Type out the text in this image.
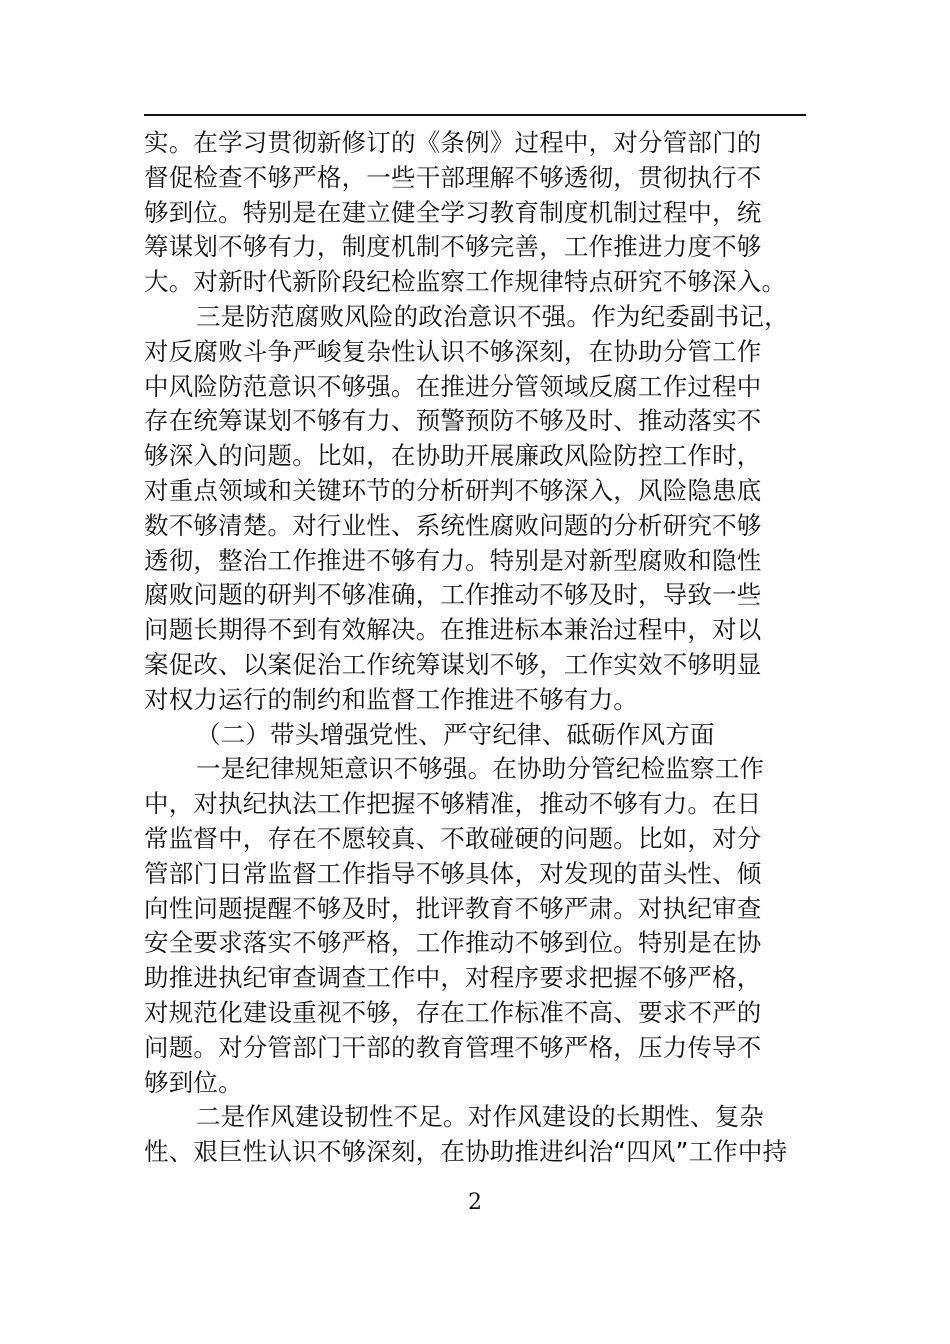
实。在学习贯彻新修订的《条例》过程中，对分管部门的
督促检查不够严格，一些干部理解不够透彻，贯彻执行不
够到位。特别是在建立健全学习教育制度机制过程中，统
筹谋划不够有力，制度机制不够完善，工作推进力度不够
大。对新时代新阶段纪检监察工作规律特点研究不够深入。
三是防范腐败风险的政治意识不强。作为纪委副书记，
对反腐败斗争严峻复杂性认识不够深刻，在协助分管工作
中风险防范意识不够强。在推进分管领域反腐工作过程中
存在统筹谋划不够有力、预警预防不够及时、推动落实不
够深入的问题。比如，在协助开展廉政风险防控工作时，
对重点领域和关键环节的分析研判不够深入，风险隐患底
数不够清楚。对行业性、系统性腐败问题的分析研究不够
透彻，整治工作推进不够有力。特别是对新型腐败和隐性
腐败问题的研判不够准确，工作推动不够及时，导致一些
问题长期得不到有效解决。在推进标本兼治过程中，对以
案促改、以案促治工作统筹谋划不够，工作实效不够明显
对权力运行的制约和监督工作推进不够有力。
（二）带头增强党性、严守纪律、砥砺作风方面
一是纪律规矩意识不够强。在协助分管纪检监察工作
中，对执纪执法工作把握不够精准，推动不够有力。在日
常监督中，存在不愿较真、不敢碰硬的问题。比如，对分
管部门日常监督工作指导不够具体，对发现的苗头性、倾
向性问题提醒不够及时，批评教育不够严肃。对执纪审查
安全要求落实不够严格，工作推动不够到位。特别是在协
助推进执纪审查调查工作中，对程序要求把握不够严格，
对规范化建设重视不够，存在工作标准不高、要求不严的
问题。对分管部门干部的教育管理不够严格，压力传导不
够到位。
二是作风建设韧性不足。对作风建设的长期性、复杂
性、艰巨性认识不够深刻，在协助推进纠治“四风”工作中持
2
